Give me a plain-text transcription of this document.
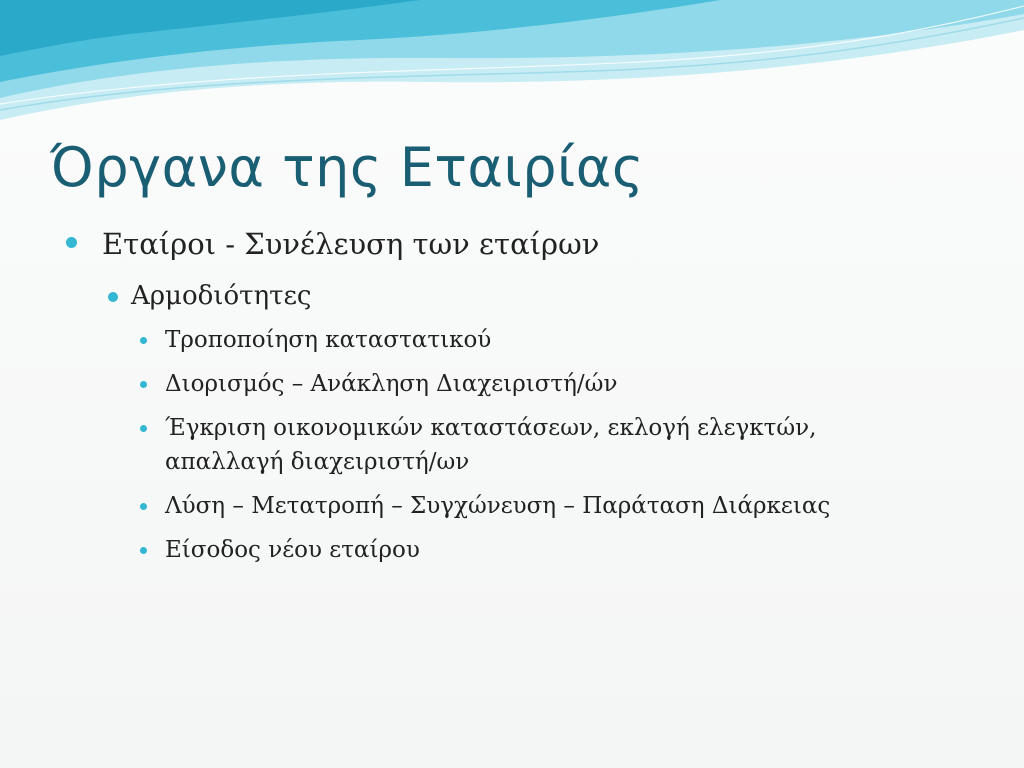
Όργανα της Εταιρίας
Εταίροι - Συνέλευση των εταίρων
Αρμοδιότητες
Τροποποίηση καταστατικού
Διορισμός – Ανάκληση Διαχειριστή/ών
Έγκριση οικονομικών καταστάσεων, εκλογή ελεγκτών, απαλλαγή διαχειριστή/ων
Λύση – Μετατροπή – Συγχώνευση – Παράταση Διάρκειας
Είσοδος νέου εταίρου
